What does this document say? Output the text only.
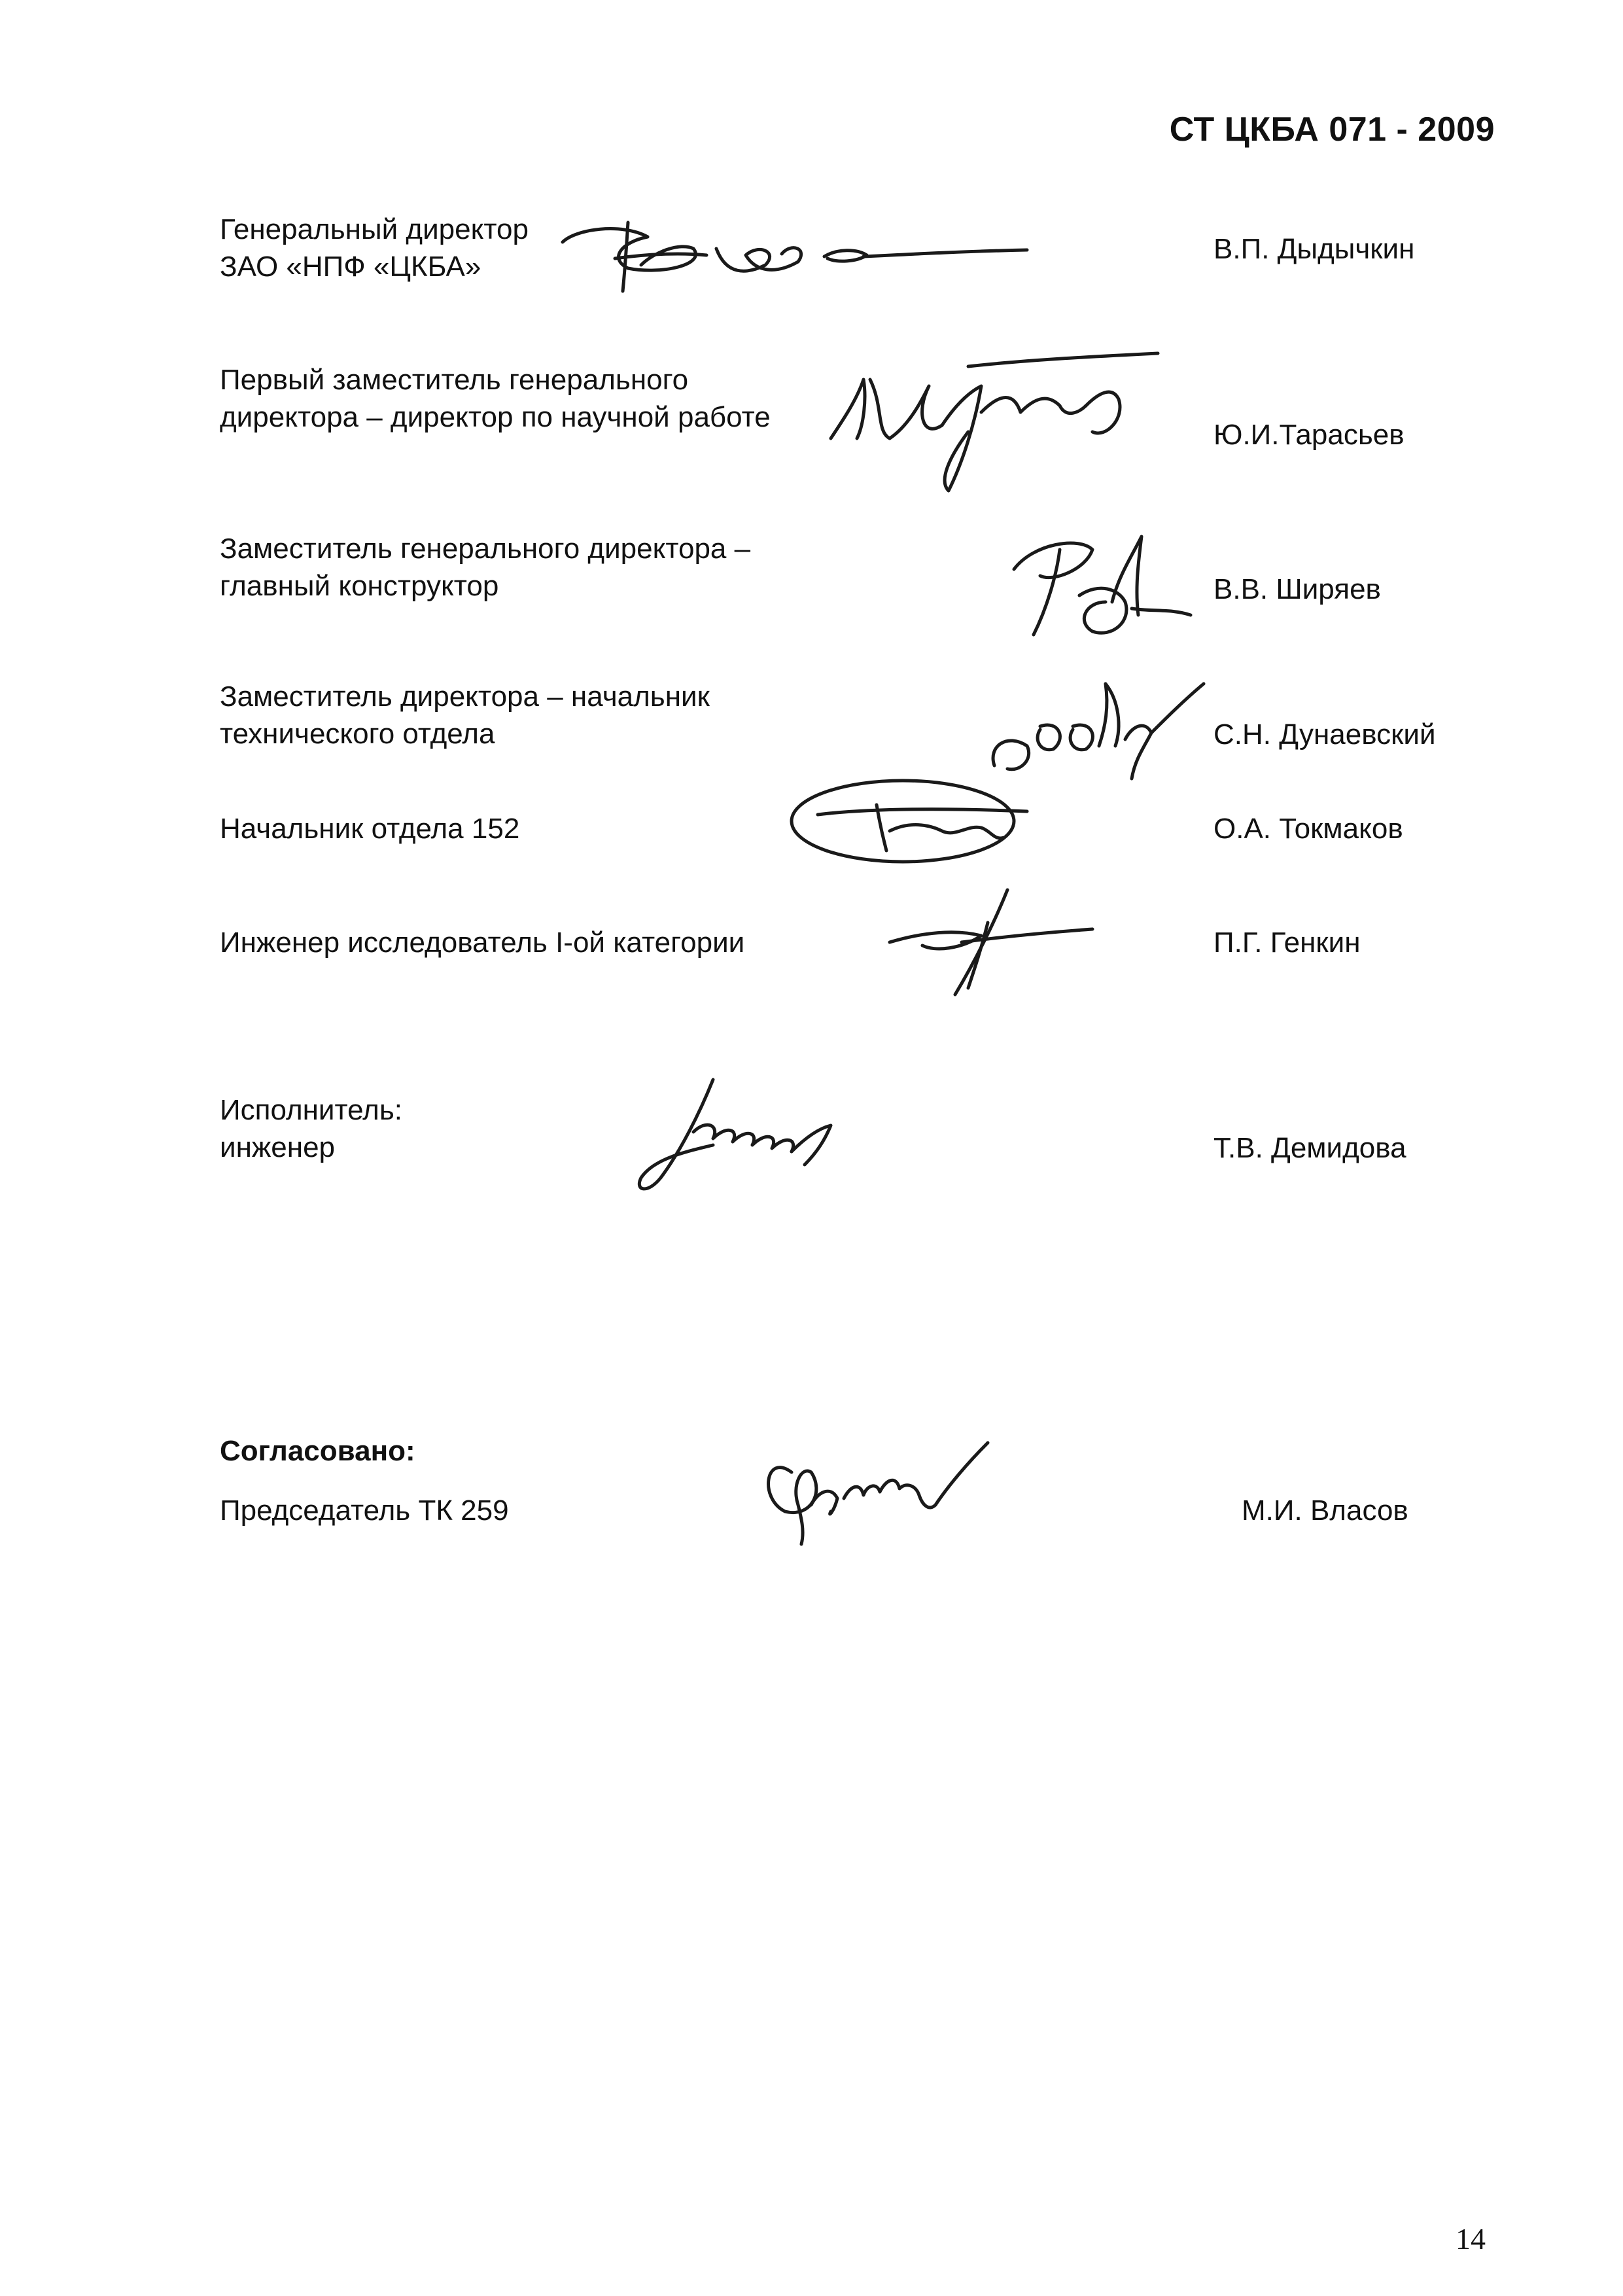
СТ ЦКБА 071 - 2009
Генеральный директор
ЗАО «НПФ «ЦКБА»
В.П. Дыдычкин
Первый заместитель генерального
директора – директор по научной работе
Ю.И.Тарасьев
Заместитель генерального директора –
главный конструктор	В.В. Ширяев
Заместитель директора – начальник
технического отдела	С.Н. Дунаевский
Начальник отдела 152	О.А. Токмаков
Инженер исследователь I-ой категории	П.Г. Генкин
Исполнитель:
инженер	Т.В. Демидова
Согласовано:
Председатель ТК 259	М.И. Власов
14
